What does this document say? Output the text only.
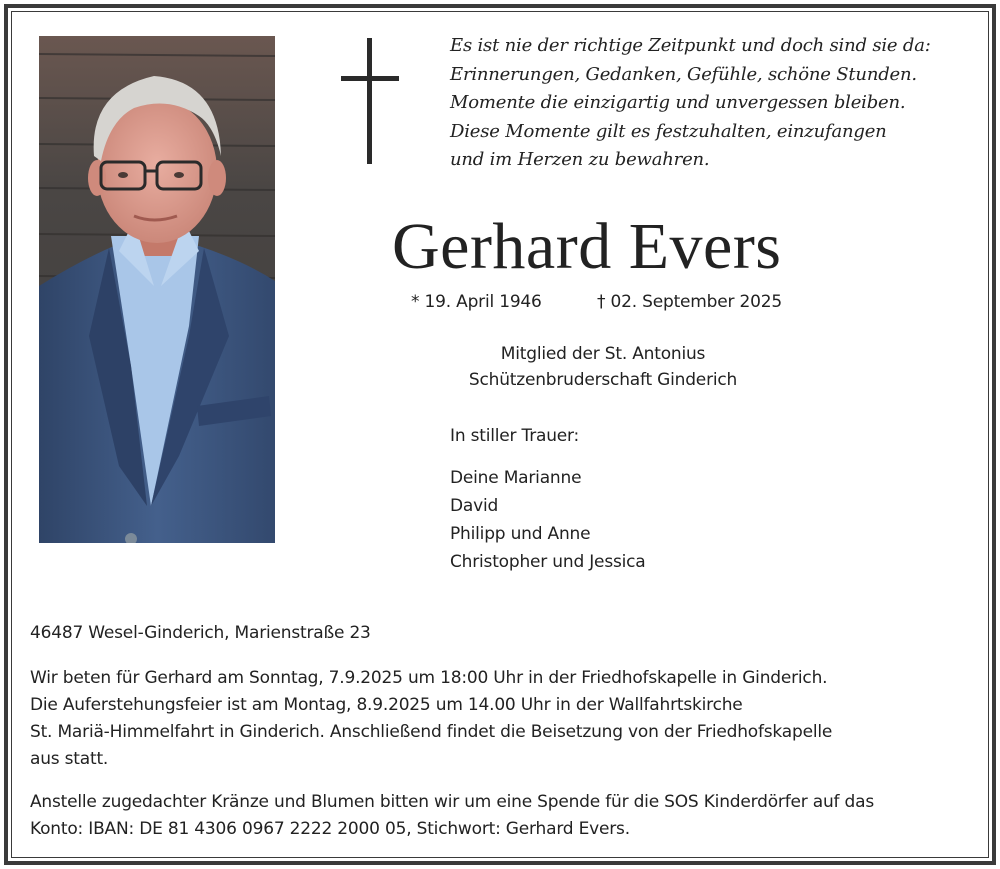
Es ist nie der richtige Zeitpunkt und doch sind sie da:
Erinnerungen, Gedanken, Gefühle, schöne Stunden.
Momente die einzigartig und unvergessen bleiben.
Diese Momente gilt es festzuhalten, einzufangen
und im Herzen zu bewahren.
Gerhard Evers
* 19. April 1946	† 02. September 2025
Mitglied der St. Antonius
Schützenbruderschaft Ginderich
In stiller Trauer:
Deine Marianne
David
Philipp und Anne
Christopher und Jessica
46487 Wesel-Ginderich, Marienstraße 23
Wir beten für Gerhard am Sonntag, 7.9.2025 um 18:00 Uhr in der Friedhofskapelle in Ginderich.
Die Auferstehungsfeier ist am Montag, 8.9.2025 um 14.00 Uhr in der Wallfahrtskirche
St. Mariä-Himmelfahrt in Ginderich. Anschließend findet die Beisetzung von der Friedhofskapelle
aus statt.
Anstelle zugedachter Kränze und Blumen bitten wir um eine Spende für die SOS Kinderdörfer auf das
Konto: IBAN: DE 81 4306 0967 2222 2000 05, Stichwort: Gerhard Evers.
